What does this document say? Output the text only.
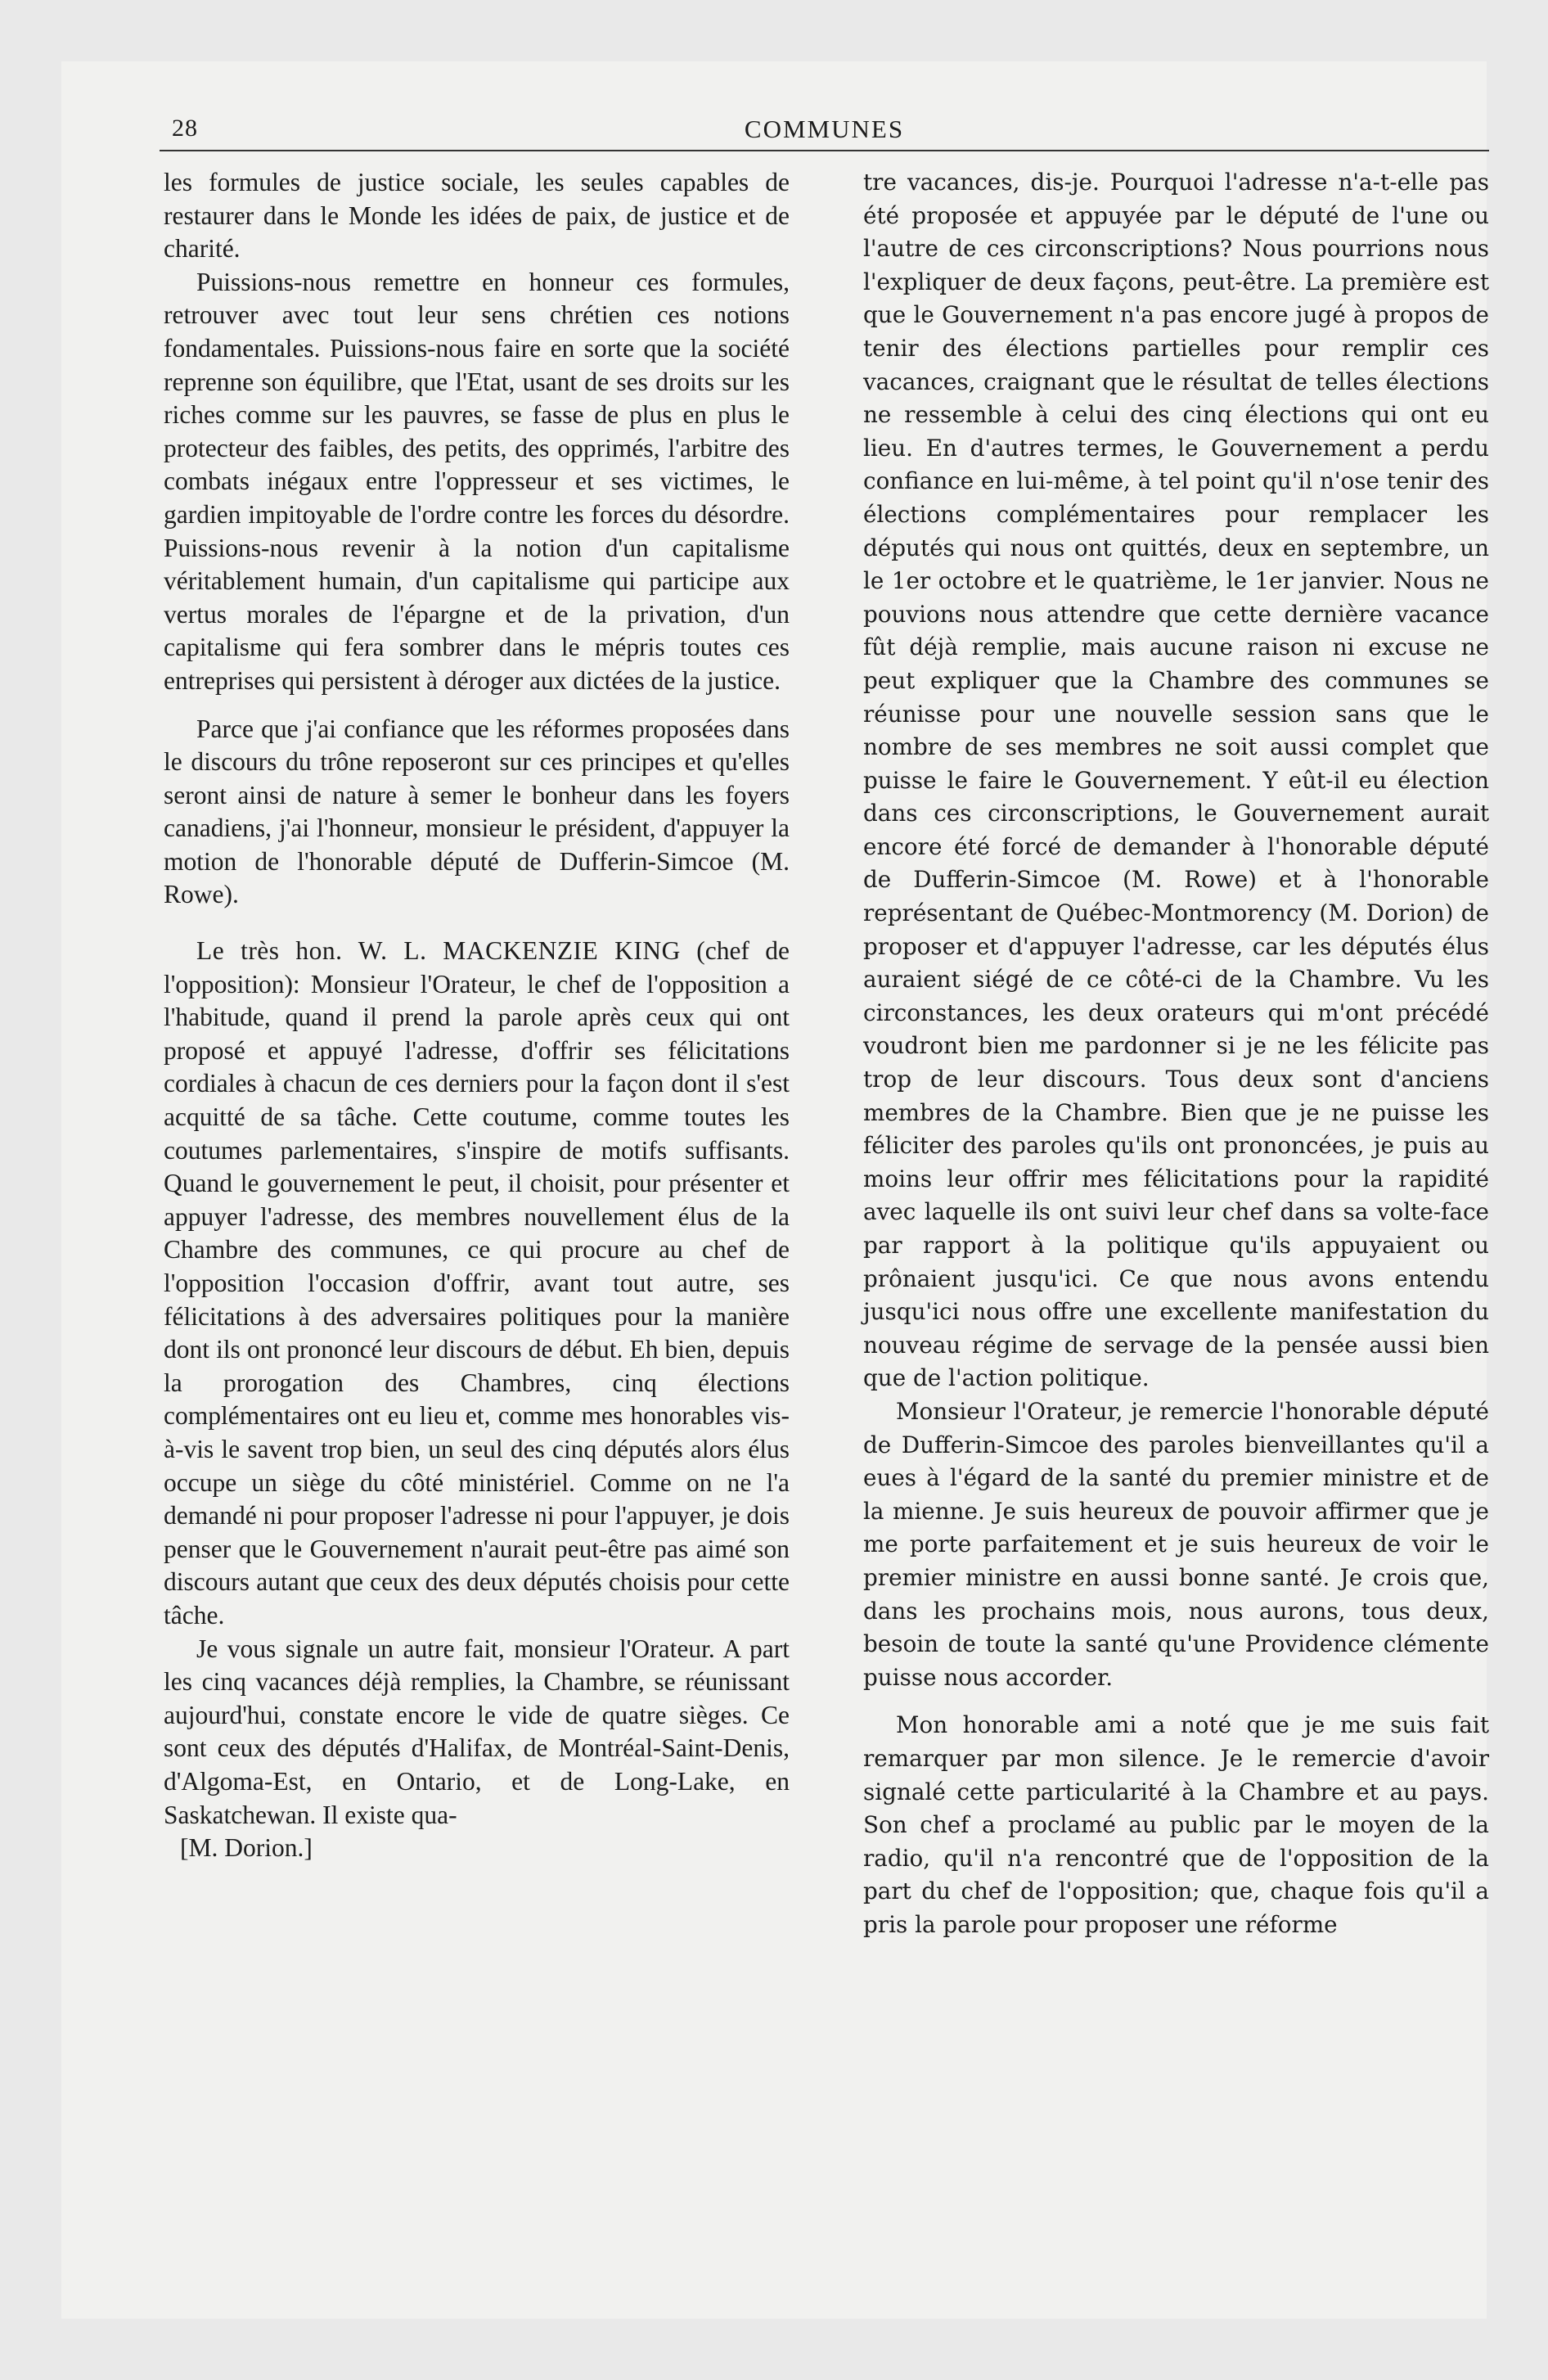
28	COMMUNES

les formules de justice sociale, les seules capables de restaurer dans le Monde les idées de paix, de justice et de charité.

Puissions-nous remettre en honneur ces formules, retrouver avec tout leur sens chrétien ces notions fondamentales. Puissions-nous faire en sorte que la société reprenne son équilibre, que l'Etat, usant de ses droits sur les riches comme sur les pauvres, se fasse de plus en plus le protecteur des faibles, des petits, des opprimés, l'arbitre des combats inégaux entre l'oppresseur et ses victimes, le gardien impitoyable de l'ordre contre les forces du désordre. Puissions-nous revenir à la notion d'un capitalisme véritablement humain, d'un capitalisme qui participe aux vertus morales de l'épargne et de la privation, d'un capitalisme qui fera sombrer dans le mépris toutes ces entreprises qui persistent à déroger aux dictées de la justice.

Parce que j'ai confiance que les réformes proposées dans le discours du trône reposeront sur ces principes et qu'elles seront ainsi de nature à semer le bonheur dans les foyers canadiens, j'ai l'honneur, monsieur le président, d'appuyer la motion de l'honorable député de Dufferin-Simcoe (M. Rowe).

Le très hon. W. L. MACKENZIE KING (chef de l'opposition): Monsieur l'Orateur, le chef de l'opposition a l'habitude, quand il prend la parole après ceux qui ont proposé et appuyé l'adresse, d'offrir ses félicitations cordiales à chacun de ces derniers pour la façon dont il s'est acquitté de sa tâche. Cette coutume, comme toutes les coutumes parlementaires, s'inspire de motifs suffisants. Quand le gouvernement le peut, il choisit, pour présenter et appuyer l'adresse, des membres nouvellement élus de la Chambre des communes, ce qui procure au chef de l'opposition l'occasion d'offrir, avant tout autre, ses félicitations à des adversaires politiques pour la manière dont ils ont prononcé leur discours de début. Eh bien, depuis la prorogation des Chambres, cinq élections complémentaires ont eu lieu et, comme mes honorables vis-à-vis le savent trop bien, un seul des cinq députés alors élus occupe un siège du côté ministériel. Comme on ne l'a demandé ni pour proposer l'adresse ni pour l'appuyer, je dois penser que le Gouvernement n'aurait peut-être pas aimé son discours autant que ceux des deux députés choisis pour cette tâche.

Je vous signale un autre fait, monsieur l'Orateur. A part les cinq vacances déjà remplies, la Chambre, se réunissant aujourd'hui, constate encore le vide de quatre sièges. Ce sont ceux des députés d'Halifax, de Montréal-Saint-Denis, d'Algoma-Est, en Ontario, et de Long-Lake, en Saskatchewan. Il existe qua-

[M. Dorion.]

tre vacances, dis-je. Pourquoi l'adresse n'a-t-elle pas été proposée et appuyée par le député de l'une ou l'autre de ces circonscriptions? Nous pourrions nous l'expliquer de deux façons, peut-être. La première est que le Gouvernement n'a pas encore jugé à propos de tenir des élections partielles pour remplir ces vacances, craignant que le résultat de telles élections ne ressemble à celui des cinq élections qui ont eu lieu. En d'autres termes, le Gouvernement a perdu confiance en lui-même, à tel point qu'il n'ose tenir des élections complémentaires pour remplacer les députés qui nous ont quittés, deux en septembre, un le 1er octobre et le quatrième, le 1er janvier. Nous ne pouvions nous attendre que cette dernière vacance fût déjà remplie, mais aucune raison ni excuse ne peut expliquer que la Chambre des communes se réunisse pour une nouvelle session sans que le nombre de ses membres ne soit aussi complet que puisse le faire le Gouvernement. Y eût-il eu élection dans ces circonscriptions, le Gouvernement aurait encore été forcé de demander à l'honorable député de Dufferin-Simcoe (M. Rowe) et à l'honorable représentant de Québec-Montmorency (M. Dorion) de proposer et d'appuyer l'adresse, car les députés élus auraient siégé de ce côté-ci de la Chambre. Vu les circonstances, les deux orateurs qui m'ont précédé voudront bien me pardonner si je ne les félicite pas trop de leur discours. Tous deux sont d'anciens membres de la Chambre. Bien que je ne puisse les féliciter des paroles qu'ils ont prononcées, je puis au moins leur offrir mes félicitations pour la rapidité avec laquelle ils ont suivi leur chef dans sa volte-face par rapport à la politique qu'ils appuyaient ou prônaient jusqu'ici. Ce que nous avons entendu jusqu'ici nous offre une excellente manifestation du nouveau régime de servage de la pensée aussi bien que de l'action politique.

Monsieur l'Orateur, je remercie l'honorable député de Dufferin-Simcoe des paroles bienveillantes qu'il a eues à l'égard de la santé du premier ministre et de la mienne. Je suis heureux de pouvoir affirmer que je me porte parfaitement et je suis heureux de voir le premier ministre en aussi bonne santé. Je crois que, dans les prochains mois, nous aurons, tous deux, besoin de toute la santé qu'une Providence clémente puisse nous accorder.

Mon honorable ami a noté que je me suis fait remarquer par mon silence. Je le remercie d'avoir signalé cette particularité à la Chambre et au pays. Son chef a proclamé au public par le moyen de la radio, qu'il n'a rencontré que de l'opposition de la part du chef de l'opposition; que, chaque fois qu'il a pris la parole pour proposer une réforme
